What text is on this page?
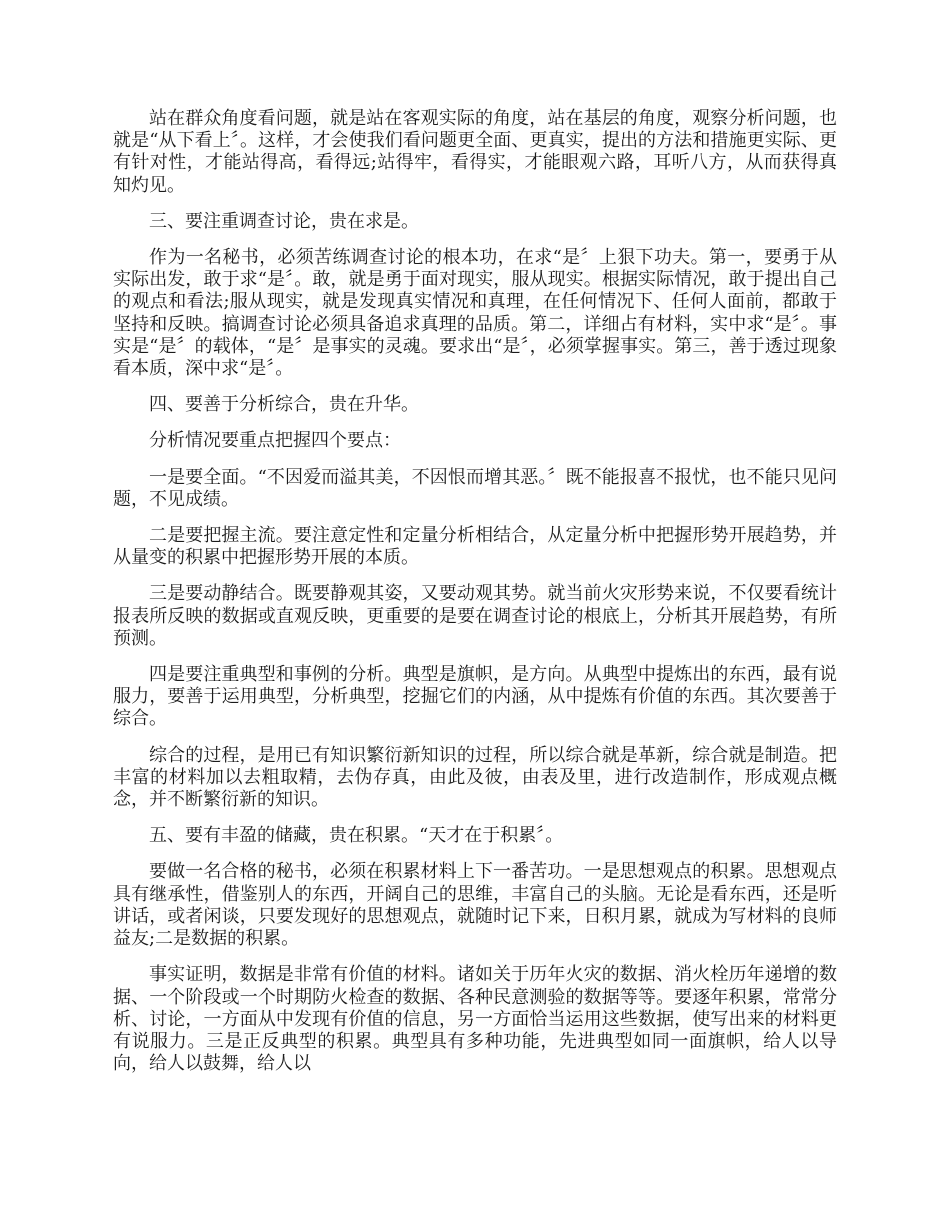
站在群众角度看问题，就是站在客观实际的角度，站在基层的角度，观察分析问题，也就是“从下看上〞。这样，才会使我们看问题更全面、更真实，提出的方法和措施更实际、更有针对性，才能站得高，看得远;站得牢，看得实，才能眼观六路，耳听八方，从而获得真知灼见。

三、要注重调查讨论，贵在求是。

作为一名秘书，必须苦练调查讨论的根本功，在求“是〞上狠下功夫。第一，要勇于从实际出发，敢于求“是〞。敢，就是勇于面对现实，服从现实。根据实际情况，敢于提出自己的观点和看法;服从现实，就是发现真实情况和真理，在任何情况下、任何人面前，都敢于坚持和反映。搞调查讨论必须具备追求真理的品质。第二，详细占有材料，实中求“是〞。事实是“是〞的载体，“是〞是事实的灵魂。要求出“是〞，必须掌握事实。第三，善于透过现象看本质，深中求“是〞。

四、要善于分析综合，贵在升华。

分析情况要重点把握四个要点：

一是要全面。“不因爱而溢其美，不因恨而增其恶。〞既不能报喜不报忧，也不能只见问题，不见成绩。

二是要把握主流。要注意定性和定量分析相结合，从定量分析中把握形势开展趋势，并从量变的积累中把握形势开展的本质。

三是要动静结合。既要静观其姿，又要动观其势。就当前火灾形势来说，不仅要看统计报表所反映的数据或直观反映，更重要的是要在调查讨论的根底上，分析其开展趋势，有所预测。

四是要注重典型和事例的分析。典型是旗帜，是方向。从典型中提炼出的东西，最有说服力，要善于运用典型，分析典型，挖掘它们的内涵，从中提炼有价值的东西。其次要善于综合。

综合的过程，是用已有知识繁衍新知识的过程，所以综合就是革新，综合就是制造。把丰富的材料加以去粗取精，去伪存真，由此及彼，由表及里，进行改造制作，形成观点概念，并不断繁衍新的知识。

五、要有丰盈的储藏，贵在积累。“天才在于积累〞。

要做一名合格的秘书，必须在积累材料上下一番苦功。一是思想观点的积累。思想观点具有继承性，借鉴别人的东西，开阔自己的思维，丰富自己的头脑。无论是看东西，还是听讲话，或者闲谈，只要发现好的思想观点，就随时记下来，日积月累，就成为写材料的良师益友;二是数据的积累。

事实证明，数据是非常有价值的材料。诸如关于历年火灾的数据、消火栓历年递增的数据、一个阶段或一个时期防火检查的数据、各种民意测验的数据等等。要逐年积累，常常分析、讨论，一方面从中发现有价值的信息，另一方面恰当运用这些数据，使写出来的材料更有说服力。三是正反典型的积累。典型具有多种功能，先进典型如同一面旗帜，给人以导向，给人以鼓舞，给人以
